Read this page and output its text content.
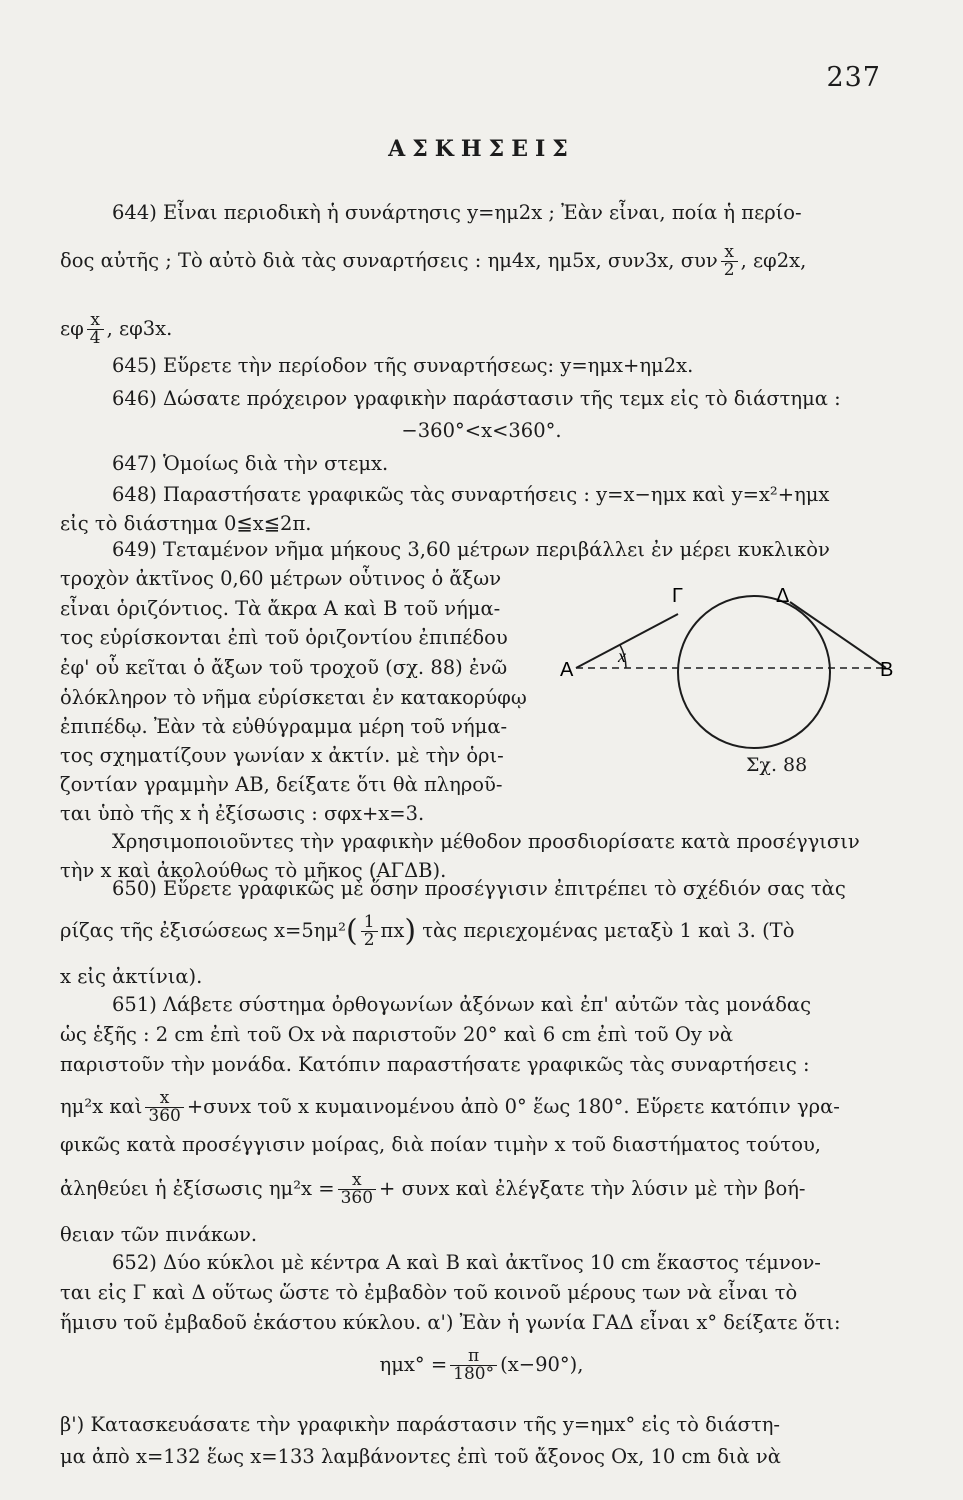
237
ΑΣΚΗΣΕΙΣ
644) Εἶναι περιοδικὴ ἡ συνάρτησις y=ημ2x ; Ἐὰν εἶναι, ποία ἡ περίο-
δος αὐτῆς ; Τὸ αὐτὸ διὰ τὰς συναρτήσεις : ημ4x, ημ5x, συν3x, συν $\frac{x}{2}$ , εφ2x,
εφ $\frac{x}{4}$ , εφ3x.
645) Εὕρετε τὴν περίοδον τῆς συναρτήσεως: y=ημx+ημ2x.
646) Δώσατε πρόχειρον γραφικὴν παράστασιν τῆς τεμx εἰς τὸ διάστημα :
−360°<x<360°.
647) Ὁμοίως διὰ τὴν στεμx.
648) Παραστήσατε γραφικῶς τὰς συναρτήσεις : y=x−ημx καὶ y=x²+ημx
εἰς τὸ διάστημα 0≦x≦2π.
649) Τεταμένον νῆμα μήκους 3,60 μέτρων περιβάλλει ἐν μέρει κυκλικὸν
τροχὸν ἀκτῖνος 0,60 μέτρων οὗτινος ὁ ἄξων
εἶναι ὁριζόντιος. Τὰ ἄκρα Α καὶ Β τοῦ νήμα-
τος εὑρίσκονται ἐπὶ τοῦ ὁριζοντίου ἐπιπέδου
ἐφ' οὗ κεῖται ὁ ἄξων τοῦ τροχοῦ (σχ. 88) ἐνῶ
ὁλόκληρον τὸ νῆμα εὑρίσκεται ἐν κατακορύφῳ
ἐπιπέδῳ. Ἐὰν τὰ εὐθύγραμμα μέρη τοῦ νήμα-
τος σχηματίζουν γωνίαν x ἀκτίν. μὲ τὴν ὁρι-
ζοντίαν γραμμὴν ΑΒ, δείξατε ὅτι θὰ πληροῦ-
ται ὑπὸ τῆς x ἡ ἐξίσωσις : σφx+x=3.
Χρησιμοποιοῦντες τὴν γραφικὴν μέθοδον προσδιορίσατε κατὰ προσέγγισιν
τὴν x καὶ ἀκολούθως τὸ μῆκος (ΑΓΔΒ).
Γ	Δ
Α	Β
x
Σχ. 88
650) Εὕρετε γραφικῶς μὲ ὅσην προσέγγισιν ἐπιτρέπει τὸ σχέδιόν σας τὰς
ρίζας τῆς ἐξισώσεως $x=5\eta\mu^2( \frac{1}{2} \pi x)$ τὰς περιεχομένας μεταξὺ 1 καὶ 3. (Τὸ
x εἰς ἀκτίνια).
651) Λάβετε σύστημα ὀρθογωνίων ἀξόνων καὶ ἐπ' αὐτῶν τὰς μονάδας
ὡς ἑξῆς : 2 cm ἐπὶ τοῦ Ox νὰ παριστοῦν 20° καὶ 6 cm ἐπὶ τοῦ Oy νὰ
παριστοῦν τὴν μονάδα. Κατόπιν παραστήσατε γραφικῶς τὰς συναρτήσεις :
ημ²x καὶ $\frac{x}{360} +\sigma\upsilon\nu x$ τοῦ x κυμαινομένου ἀπὸ 0° ἕως 180°. Εὕρετε κατόπιν γρα-
φικῶς κατὰ προσέγγισιν μοίρας, διὰ ποίαν τιμὴν x τοῦ διαστήματος τούτου,
ἀληθεύει ἡ ἐξίσωσις $\eta\mu^2x = \frac{x}{360} + \sigma\upsilon\nu x$ καὶ ἐλέγξατε τὴν λύσιν μὲ τὴν βοή-
θειαν τῶν πινάκων.
652) Δύο κύκλοι μὲ κέντρα Α καὶ Β καὶ ἀκτῖνος 10 cm ἕκαστος τέμνον-
ται εἰς Γ καὶ Δ οὕτως ὥστε τὸ ἐμβαδὸν τοῦ κοινοῦ μέρους των νὰ εἶναι τὸ
ἥμισυ τοῦ ἐμβαδοῦ ἑκάστου κύκλου. α') Ἐὰν ἡ γωνία ΓΑΔ εἶναι x° δείξατε ὅτι:
$\eta\mu x^\circ = \frac{\pi}{180^\circ} (x-90^\circ)$,
β') Κατασκευάσατε τὴν γραφικὴν παράστασιν τῆς y=ημx° εἰς τὸ διάστη-
μα ἀπὸ x=132 ἕως x=133 λαμβάνοντες ἐπὶ τοῦ ἄξονος Ox, 10 cm διὰ νὰ
